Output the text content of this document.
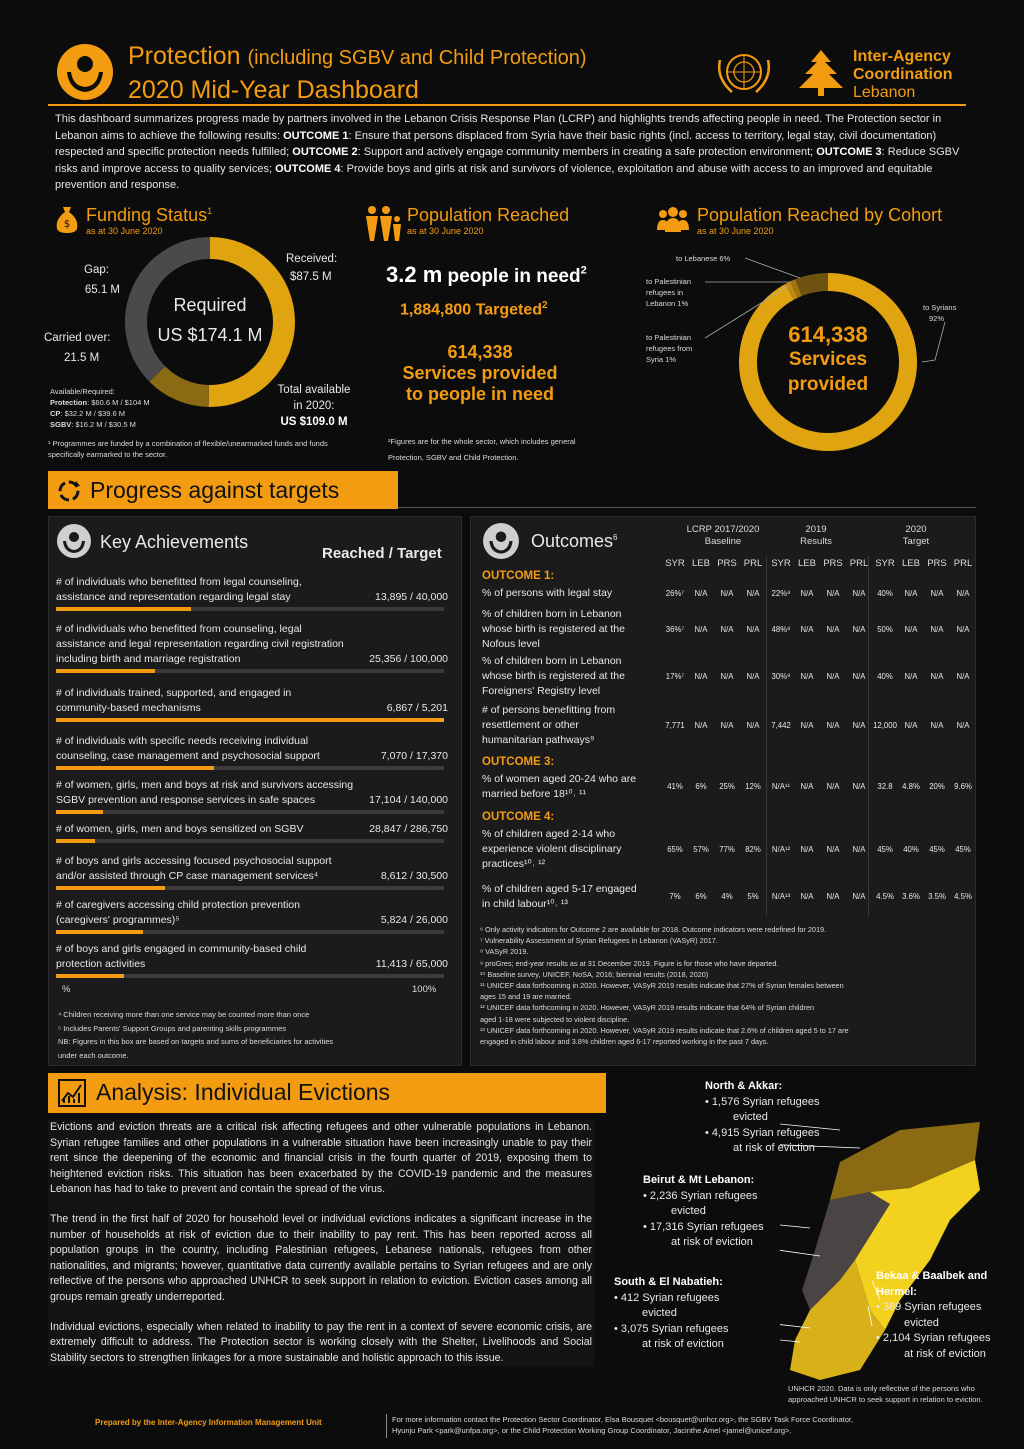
Protection (including SGBV and Child Protection)
2020 Mid-Year Dashboard
Inter-Agency
Coordination
Lebanon
This dashboard summarizes progress made by partners involved in the Lebanon Crisis Response Plan (LCRP) and highlights trends affecting people in need. The Protection sector in Lebanon aims to achieve the following results: OUTCOME 1: Ensure that persons displaced from Syria have their basic rights (incl. access to territory, legal stay, civil documentation) respected and specific protection needs fulfilled; OUTCOME 2: Support and actively engage community members in creating a safe protection environment; OUTCOME 3: Reduce SGBV risks and improve access to quality services; OUTCOME 4: Provide boys and girls at risk and survivors of violence, exploitation and abuse with access to an improved and equitable prevention and response.
$ Funding Status$^1$
as at 30 June 2020
Required
US $174.1 M
Received:
$87.5 M
Gap:
65.1 M
Carried over:
21.5 M
Total available
in 2020:
US $109.0 M
Available/Required:
Protection: $60.6 M / $104 M
CP: $32.2 M / $39.6 M
SGBV: $16.2 M / $30.5 M
¹ Programmes are funded by a combination of flexible/unearmarked funds and funds specifically earmarked to the sector.
Population Reached
as at 30 June 2020
3.2 m people in need$^2$
1,884,800 Targeted$^2$
614,338
Services provided
to people in need
²Figures are for the whole sector, which includes general Protection, SGBV and Child Protection.
Population Reached by Cohort
as at 30 June 2020
614,338
Services
provided
to Lebanese 6%
to Palestinian
refugees in
Lebanon 1%
to Palestinian
refugees from
Syria 1%
to Syrians
92%
Progress against targets
Key Achievements
Reached / Target
# of individuals who benefitted from legal counseling,
assistance and representation regarding legal stay	13,895 / 40,000
# of individuals who benefitted from counseling, legal
assistance and legal representation regarding civil registration
including birth and marriage registration	25,356 / 100,000
# of individuals trained, supported, and engaged in
community-based mechanisms	6,867 / 5,201
# of individuals with specific needs receiving individual
counseling, case management and psychosocial support	7,070 / 17,370
# of women, girls, men and boys at risk and survivors accessing
SGBV prevention and response services in safe spaces	17,104 / 140,000
# of women, girls, men and boys sensitized on SGBV	28,847 / 286,750
# of boys and girls accessing focused psychosocial support
and/or assisted through CP case management services⁴	8,612 / 30,500
# of caregivers accessing child protection prevention
(caregivers' programmes)⁵	5,824 / 26,000
# of boys and girls engaged in community-based child
protection activities	11,413 / 65,000
%	100%
⁴ Children receiving more than one service may be counted more than once
⁵ Includes Parents' Support Groups and parenting skills programmes
NB: Figures in this box are based on targets and sums of beneficiaries for activities
under each outcome.
Outcomes$^6$
LCRP 2017/2020
Baseline
2019
Results
2020
Target
SYR LEB PRS PRL SYR LEB PRS PRL SYR LEB PRS PRL
OUTCOME 1:
OUTCOME 3:
OUTCOME 4:
% of persons with legal stay	26%⁷	N/A	N/A	N/A	22%⁸	N/A	N/A	N/A	40%	N/A	N/A	N/A
% of children born in Lebanon
whose birth is registered at the
Nofous level
36%⁷	N/A	N/A	N/A	48%⁸	N/A	N/A	N/A	50%	N/A	N/A	N/A
% of children born in Lebanon
whose birth is registered at the
Foreigners' Registry level
17%⁷	N/A	N/A	N/A	30%⁸	N/A	N/A	N/A	40%	N/A	N/A	N/A
# of persons benefitting from
resettlement or other
humanitarian pathways⁹
7,771	N/A	N/A	N/A	7,442	N/A	N/A	N/A 12,000 N/A	N/A	N/A
% of women aged 20-24 who are
married before 18¹⁰˒ ¹¹
41%	6%	25%	12%	N/A¹¹	N/A	N/A	N/A	32.8	4.8%	20%	9.6%
% of children aged 2-14 who
experience violent disciplinary
practices¹⁰˒ ¹²
65%	57%	77%	82%	N/A¹²	N/A	N/A	N/A	45%	40%	45%	45%
% of children aged 5-17 engaged
in child labour¹⁰˒ ¹³
7%	6%	4%	5%	N/A¹³	N/A	N/A	N/A	4.5%	3.6%	3.5%	4.5%
⁶ Only activity indicators for Outcome 2 are available for 2018. Outcome indicators were redefined for 2019.
⁷ Vulnerability Assessment of Syrian Refugees in Lebanon (VASyR) 2017.
⁸ VASyR 2019.
⁹ proGres; end-year results as at 31 December 2019. Figure is for those who have departed.
¹⁰ Baseline survey, UNICEF, NoSA, 2016; biennial results (2018, 2020)
¹¹ UNICEF data forthcoming in 2020. However, VASyR 2019 results indicate that 27% of Syrian females between
ages 15 and 19 are married.
¹² UNICEF data forthcoming in 2020. However, VASyR 2019 results indicate that 64% of Syrian children
aged 1-18 were subjected to violent discipline.
¹³ UNICEF data forthcoming in 2020. However, VASyR 2019 results indicate that 2.6% of children aged 5 to 17 are
engaged in child labour and 3.8% children aged 6-17 reported working in the past 7 days.
Analysis: Individual Evictions

Evictions and eviction threats are a critical risk affecting refugees and other vulnerable populations in Lebanon. Syrian refugee families and other populations in a vulnerable situation have been increasingly unable to pay their rent since the deepening of the economic and financial crisis in the fourth quarter of 2019, exposing them to heightened eviction risks. This situation has been exacerbated by the COVID-19 pandemic and the measures Lebanon has had to take to prevent and contain the spread of the virus.

The trend in the first half of 2020 for household level or individual evictions indicates a significant increase in the number of households at risk of eviction due to their inability to pay rent. This has been reported across all population groups in the country, including Palestinian refugees, Lebanese nationals, refugees from other nationalities, and migrants; however, quantitative data currently available pertains to Syrian refugees and are only reflective of the persons who approached UNHCR to seek support in relation to eviction. Eviction cases among all groups remain greatly underreported.

Individual evictions, especially when related to inability to pay the rent in a context of severe economic crisis, are extremely difficult to address. The Protection sector is working closely with the Shelter, Livelihoods and Social Stability sectors to strengthen linkages for a more sustainable and holistic approach to this issue.

North & Akkar:
• 1,576 Syrian refugees
evicted
• 4,915 Syrian refugees
at risk of eviction
Beirut & Mt Lebanon:
• 2,236 Syrian refugees
evicted
• 17,316 Syrian refugees
at risk of eviction
South & El Nabatieh:
• 412 Syrian refugees
evicted
• 3,075 Syrian refugees
at risk of eviction
Bekaa & Baalbek and
Hermel:
• 389 Syrian refugees
evicted
• 2,104 Syrian refugees
at risk of eviction
UNHCR 2020. Data is only reflective of the persons who
approached UNHCR to seek support in relation to eviction.
Prepared by the Inter-Agency Information Management Unit	For more information contact the Protection Sector Coordinator, Elsa Bousquet <bousquet@unhcr.org>, the SGBV Task Force Coordinator,
Hyunju Park <park@unfpa.org>, or the Child Protection Working Group Coordinator, Jacinthe Amel <jamel@unicef.org>.
